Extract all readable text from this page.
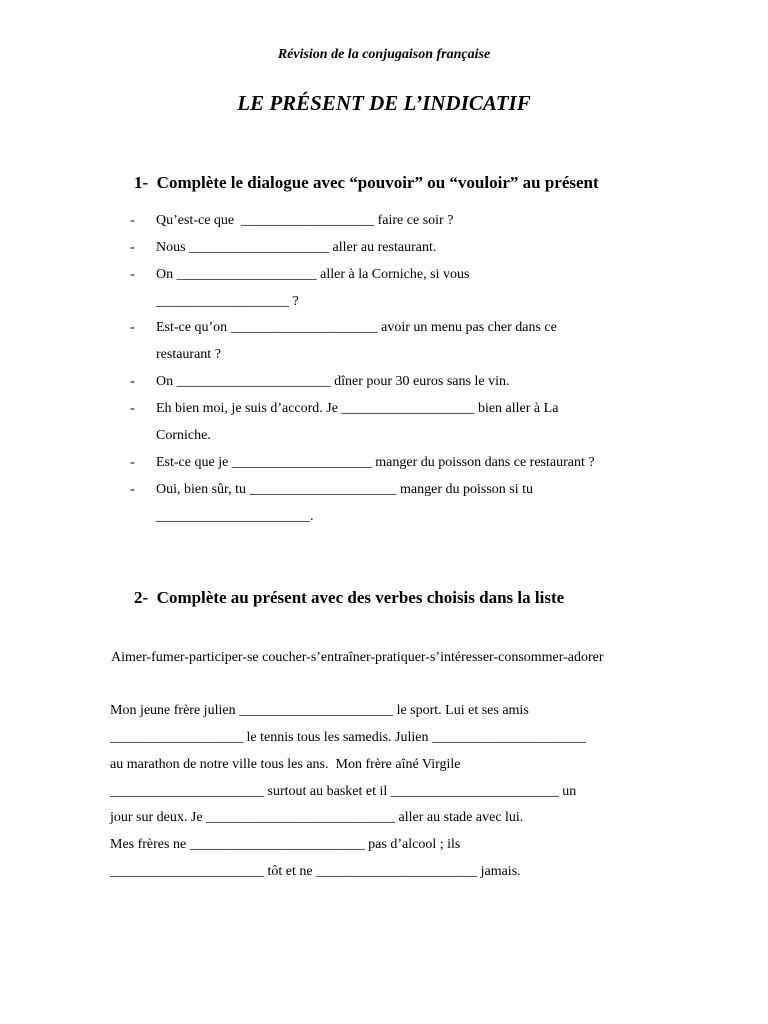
Révision de la conjugaison française
LE PRÉSENT DE L’INDICATIF
1-  Complète le dialogue avec “pouvoir” ou “vouloir” au présent
-
-
-
-
-
-
-
-
Qu’est-ce que  ___________________ faire ce soir ?
Nous ____________________ aller au restaurant.
On ____________________ aller à la Corniche, si vous
___________________ ?
Est-ce qu’on _____________________ avoir un menu pas cher dans ce
restaurant ?
On ______________________ dîner pour 30 euros sans le vin.
Eh bien moi, je suis d’accord. Je ___________________ bien aller à La
Corniche.
Est-ce que je ____________________ manger du poisson dans ce restaurant ?
Oui, bien sûr, tu _____________________ manger du poisson si tu
______________________.
2-  Complète au présent avec des verbes choisis dans la liste
Aimer-fumer-participer-se coucher-s’entraîner-pratiquer-s’intéresser-consommer-adorer
Mon jeune frère julien ______________________ le sport. Lui et ses amis
___________________ le tennis tous les samedis. Julien ______________________
au marathon de notre ville tous les ans.  Mon frère aîné Virgile
______________________ surtout au basket et il ________________________ un
jour sur deux. Je ___________________________ aller au stade avec lui.
Mes frères ne _________________________ pas d’alcool ; ils
______________________ tôt et ne _______________________ jamais.
